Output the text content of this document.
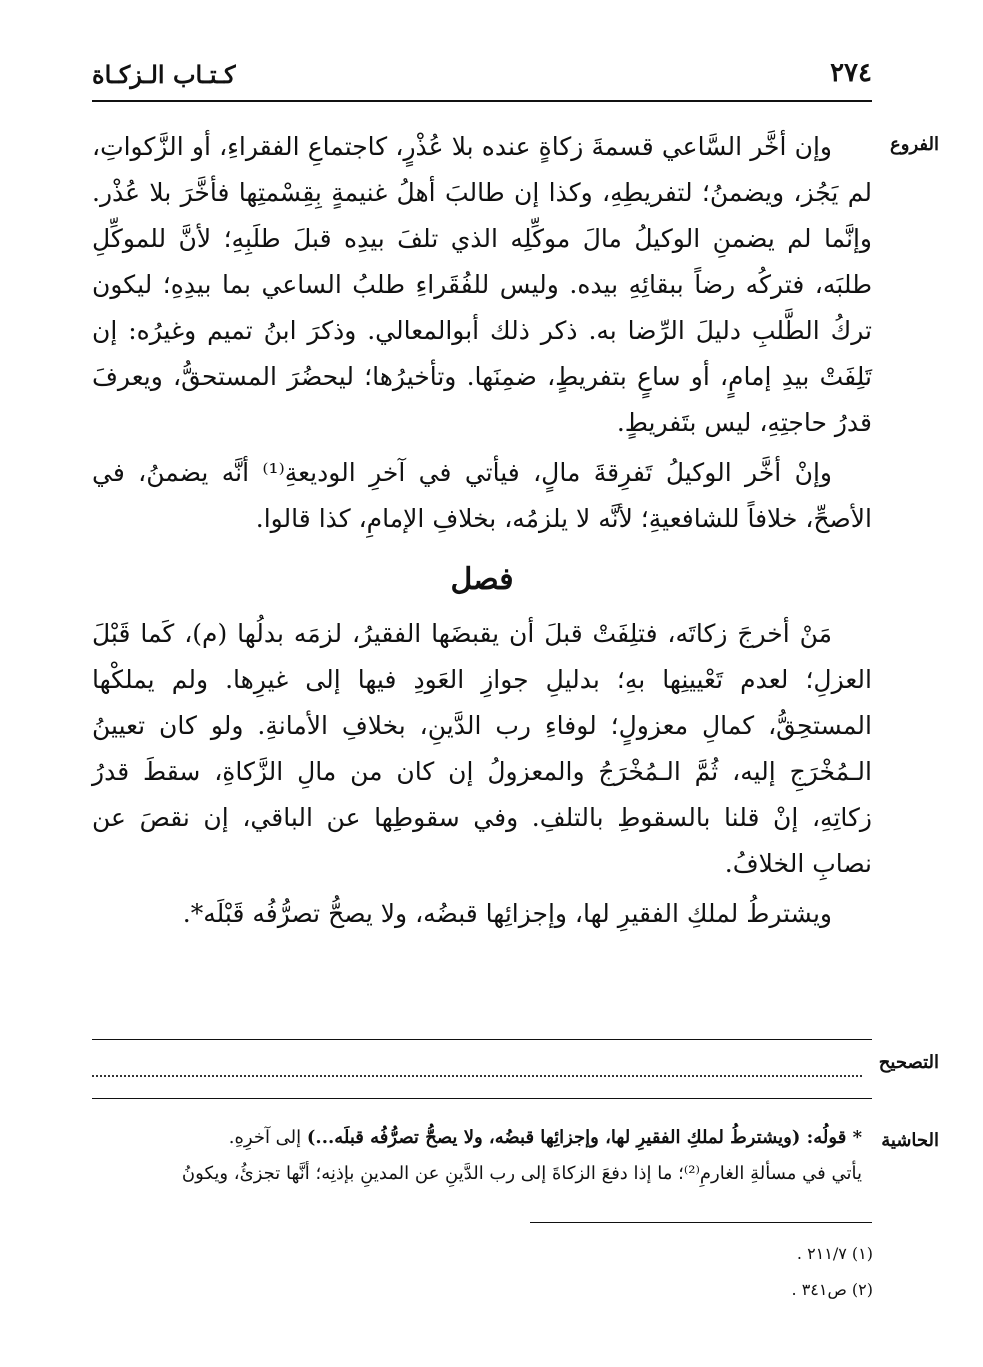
كـتـاب الـزكـاة	٢٧٤
الفروع

وإن أخَّر السَّاعي قسمةَ زكاةٍ عنده بلا عُذْرٍ، كاجتماعِ الفقراءِ، أو الزَّكواتِ، لم يَجُز، ويضمنُ؛ لتفريطِهِ، وكذا إن طالبَ أهلُ غنيمةٍ بِقِسْمتِها فأخَّرَ بلا عُذْر. وإنَّما لم يضمنِ الوكيلُ مالَ موكِّلِه الذي تلفَ بيدِه قبلَ طلَبِهِ؛ لأنَّ للموكِّلِ طلبَه، فتركُه رضاً ببقائِهِ بيده. وليس للفُقَراءِ طلبُ الساعي بما بيدِهِ؛ ليكون تركُ الطَّلبِ دليلَ الرِّضا به. ذكر ذلك أبوالمعالي. وذكرَ ابنُ تميم وغيرُه: إن تَلِفَتْ بيدِ إمامٍ، أو ساعٍ بتفريطٍ، ضمِنَها. وتأخيرُها؛ ليحضُرَ المستحقُّ، ويعرفَ قدرُ حاجتِهِ، ليس بتَفريطٍ.

وإنْ أخَّر الوكيلُ تَفرِقةَ مالٍ، فيأتي في آخرِ الوديعةِ⁽¹⁾ أنَّه يضمنُ، في الأصحِّ، خلافاً للشافعيةِ؛ لأنَّه لا يلزمُه، بخلافِ الإمامِ، كذا قالوا.

فصل

مَنْ أخرجَ زكاتَه، فتلِفَتْ قبلَ أن يقبضَها الفقيرُ، لزمَه بدلُها (م)، كَما قَبْلَ العزلِ؛ لعدم تَعْيينِها بهِ؛ بدليلِ جوازِ العَودِ فيها إلى غيرِها. ولم يملكْها المستحِقُّ، كمالِ معزولٍ؛ لوفاءِ رب الدَّينِ، بخلافِ الأمانةِ. ولو كان تعيينُ الـمُخْرَجِ إليه، ثُمَّ الـمُخْرَجُ والمعزولُ إن كان من مالِ الزَّكاةِ، سقطَ قدرُ زكاتِهِ، إنْ قلنا بالسقوطِ بالتلفِ. وفي سقوطِها عن الباقي، إن نقصَ عن نصابِ الخلافُ.

ويشترطُ لملكِ الفقيرِ لها، وإجزائِها قبضُه، ولا يصحُّ تصرُّفُه قَبْلَه*.

التصحيح
الحاشية

* قولُه: (ويشترطُ لملكِ الفقيرِ لها، وإجزائِها قبضُه، ولا يصحُّ تصرُّفُه قبلَه...) إلى آخرِهِ.

يأتي في مسألةِ الغارمِ⁽²⁾؛ ما إذا دفعَ الزكاةَ إلى رب الدَّينِ عن المدينِ بإذنِه؛ أنَّها تجزئُ، ويكونُ

(١) ٢١١/٧ .
(٢) ص٣٤١ .
